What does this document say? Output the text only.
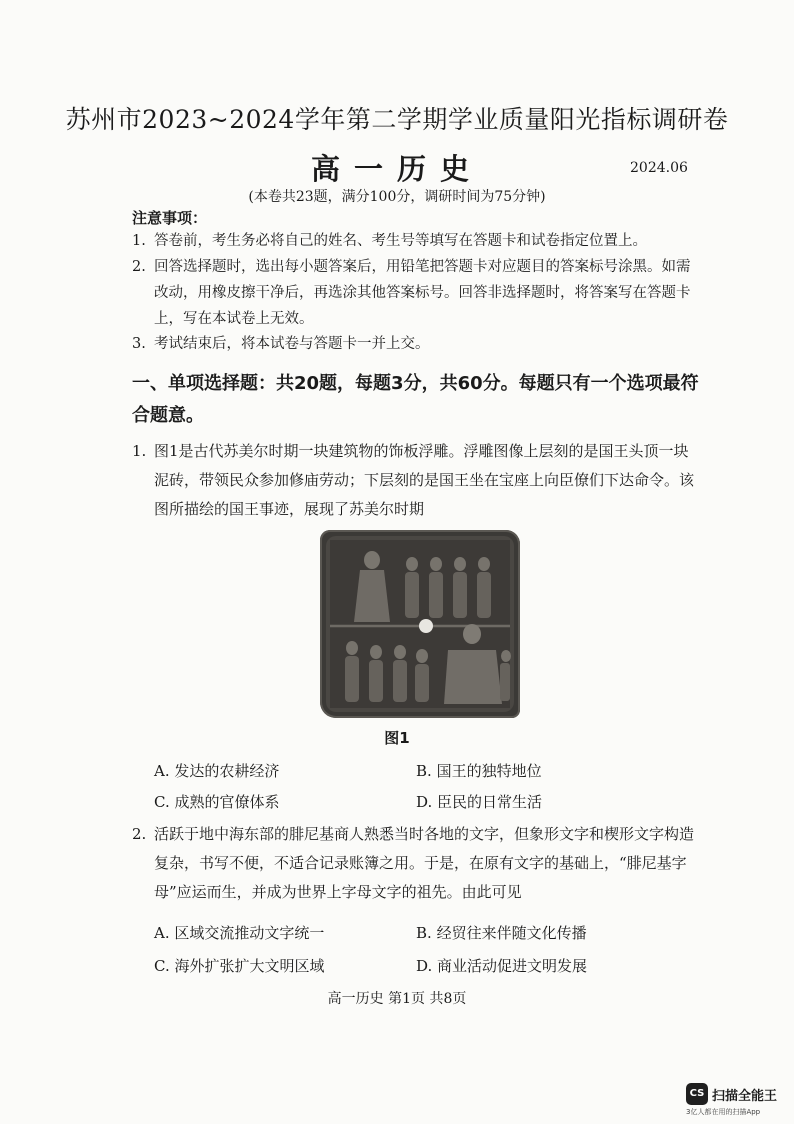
苏州市2023~2024学年第二学期学业质量阳光指标调研卷
高一历史	2024.06
(本卷共23题，满分100分，调研时间为75分钟)
注意事项：
1. 答卷前，考生务必将自己的姓名、考生号等填写在答题卡和试卷指定位置上。
2. 回答选择题时，选出每小题答案后，用铅笔把答题卡对应题目的答案标号涂黑。如需改动，用橡皮擦干净后，再选涂其他答案标号。回答非选择题时，将答案写在答题卡上，写在本试卷上无效。
3. 考试结束后，将本试卷与答题卡一并上交。
一、单项选择题：共20题，每题3分，共60分。每题只有一个选项最符合题意。
1. 图1是古代苏美尔时期一块建筑物的饰板浮雕。浮雕图像上层刻的是国王头顶一块泥砖，带领民众参加修庙劳动；下层刻的是国王坐在宝座上向臣僚们下达命令。该图所描绘的国王事迹，展现了苏美尔时期
图1
A. 发达的农耕经济	B. 国王的独特地位
C. 成熟的官僚体系	D. 臣民的日常生活
2. 活跃于地中海东部的腓尼基商人熟悉当时各地的文字，但象形文字和楔形文字构造复杂，书写不便，不适合记录账簿之用。于是，在原有文字的基础上，“腓尼基字母”应运而生，并成为世界上字母文字的祖先。由此可见
A. 区域交流推动文字统一	B. 经贸往来伴随文化传播
C. 海外扩张扩大文明区域	D. 商业活动促进文明发展
高一历史 第1页 共8页
CS 扫描全能王
3亿人都在用的扫描App
